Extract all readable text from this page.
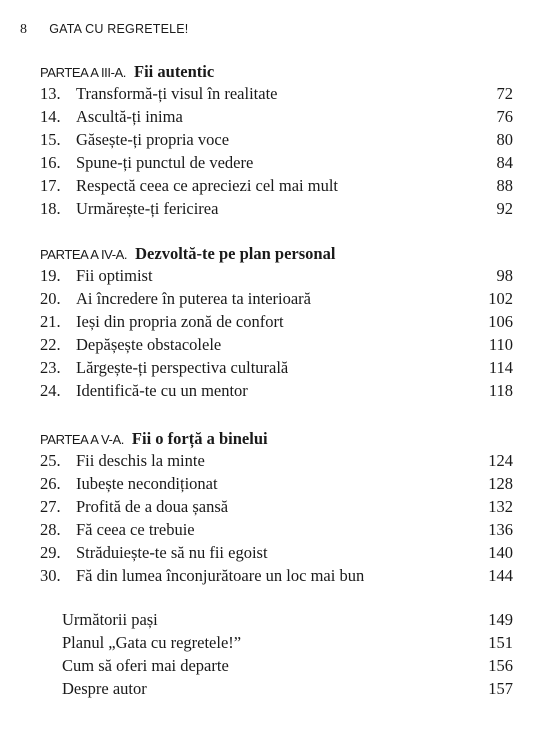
8 GATA CU REGRETELE!
PARTEA A III-A. Fii autentic
13. Transformă-ți visul în realitate	72
14. Ascultă-ți inima	76
15. Găsește-ți propria voce	80
16. Spune-ți punctul de vedere	84
17. Respectă ceea ce apreciezi cel mai mult	88
18. Urmărește-ți fericirea	92
PARTEA A IV-A. Dezvoltă-te pe plan personal
19. Fii optimist	98
20. Ai încredere în puterea ta interioară	102
21. Ieși din propria zonă de confort	106
22. Depășește obstacolele	110
23. Lărgește-ți perspectiva culturală	114
24. Identifică-te cu un mentor	118
PARTEA A V-A. Fii o forță a binelui
25. Fii deschis la minte	124
26. Iubește necondiționat	128
27. Profită de a doua șansă	132
28. Fă ceea ce trebuie	136
29. Străduiește-te să nu fii egoist	140
30. Fă din lumea înconjurătoare un loc mai bun	144
Următorii pași	149
Planul „Gata cu regretele!”	151
Cum să oferi mai departe	156
Despre autor	157
